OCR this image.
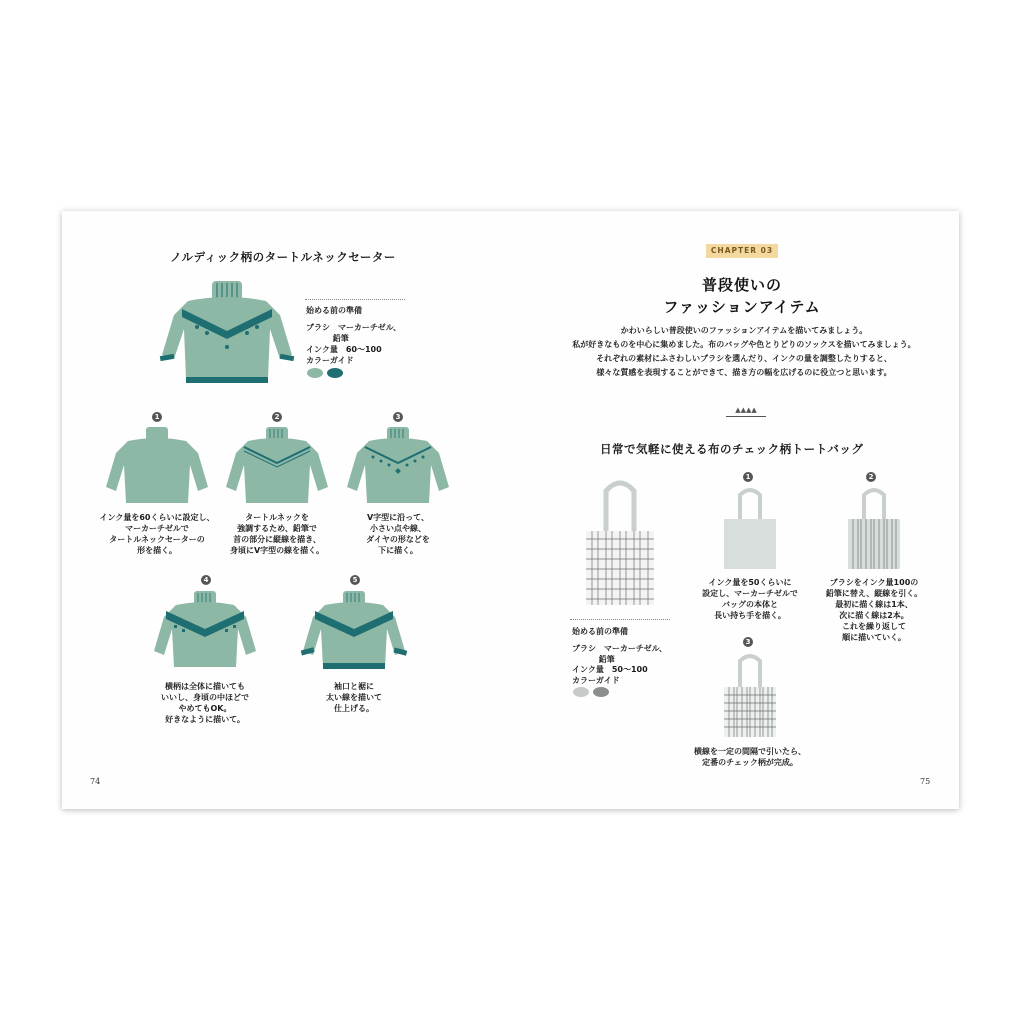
ノルディック柄のタートルネックセーター
始める前の準備
ブラシ　マーカーチゼル、
　　　 鉛筆
インク量　60～100
カラーガイド
1
インク量を60くらいに設定し、
マーカーチゼルで
タートルネックセーターの
形を描く。
2
タートルネックを
強調するため、鉛筆で
首の部分に縦線を描き、
身頃にV字型の線を描く。
3
V字型に沿って、
小さい点や線、
ダイヤの形などを
下に描く。
4
横柄は全体に描いても
いいし、身頃の中ほどで
やめてもOK。
好きなように描いて。
5
袖口と裾に
太い線を描いて
仕上げる。
74
CHAPTER 03
普段使いの
ファッションアイテム
かわいらしい普段使いのファッションアイテムを描いてみましょう。
私が好きなものを中心に集めました。布のバッグや色とりどりのソックスを描いてみましょう。
それぞれの素材にふさわしいブラシを選んだり、インクの量を調整したりすると、
様々な質感を表現することができて、描き方の幅を広げるのに役立つと思います。
▲▲▲▲
日常で気軽に使える布のチェック柄トートバッグ
始める前の準備
ブラシ　マーカーチゼル、
　　　 鉛筆
インク量　50～100
カラーガイド
1
インク量を50くらいに
設定し、マーカーチゼルで
バッグの本体と
長い持ち手を描く。
2
ブラシをインク量100の
鉛筆に替え、縦線を引く。
最初に描く線は1本、
次に描く線は2本。
これを繰り返して
順に描いていく。
3
横線を一定の間隔で引いたら、
定番のチェック柄が完成。
75
